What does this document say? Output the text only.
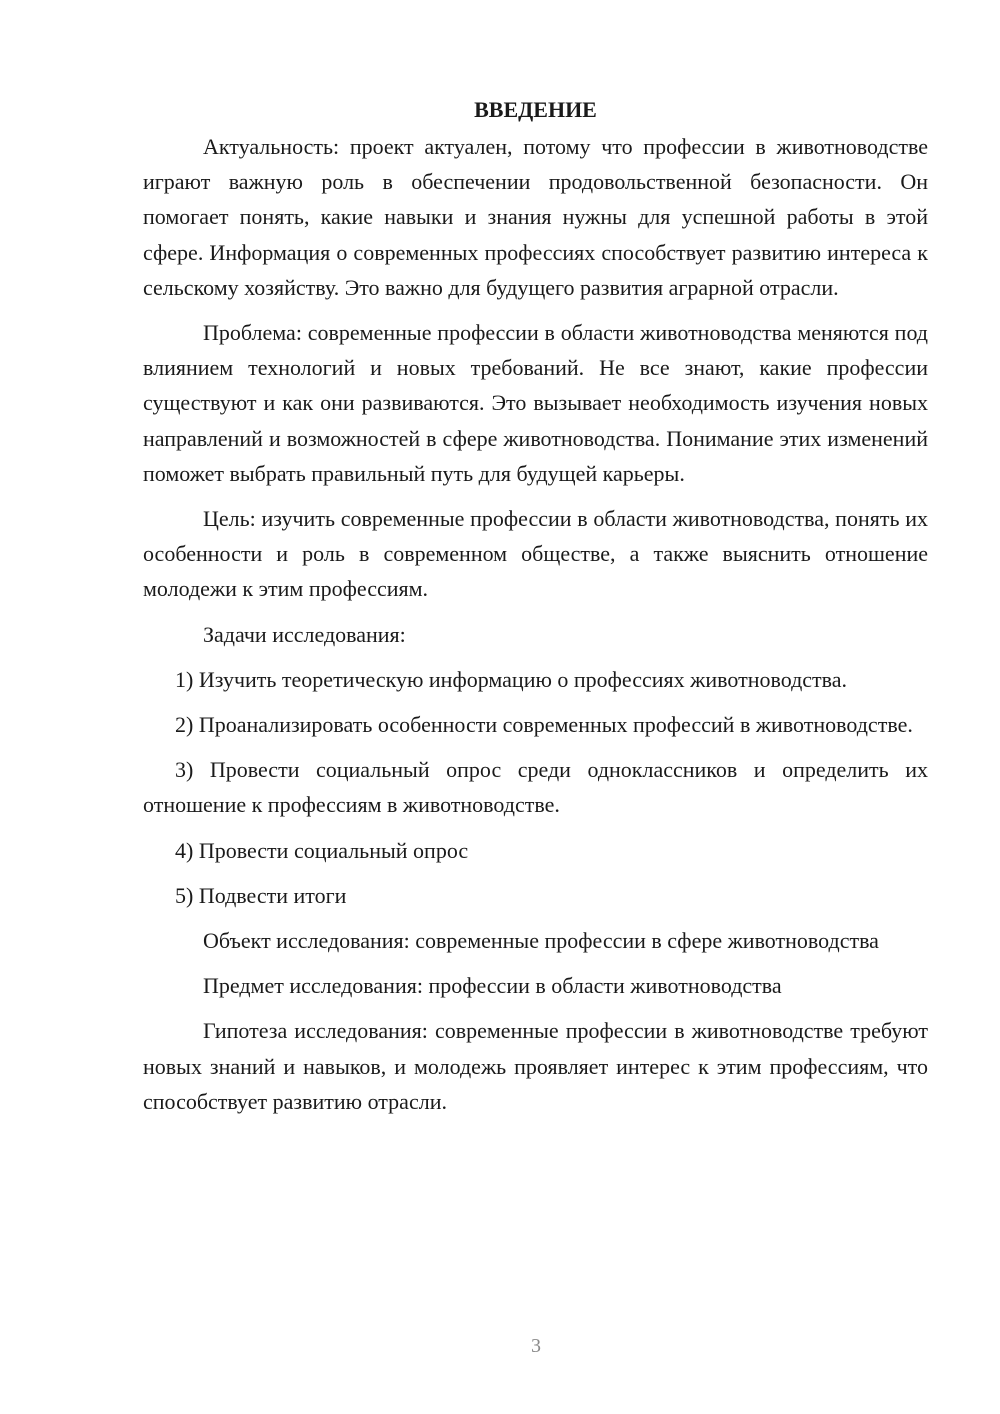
ВВЕДЕНИЕ

Актуальность: проект актуален, потому что профессии в животноводстве играют важную роль в обеспечении продовольственной безопасности. Он помогает понять, какие навыки и знания нужны для успешной работы в этой сфере. Информация о современных профессиях способствует развитию интереса к сельскому хозяйству. Это важно для будущего развития аграрной отрасли.

Проблема: современные профессии в области животноводства меняются под влиянием технологий и новых требований. Не все знают, какие профессии существуют и как они развиваются. Это вызывает необходимость изучения новых направлений и возможностей в сфере животноводства. Понимание этих изменений поможет выбрать правильный путь для будущей карьеры.

Цель: изучить современные профессии в области животноводства, понять их особенности и роль в современном обществе, а также выяснить отношение молодежи к этим профессиям.

Задачи исследования:

1) Изучить теоретическую информацию о профессиях животноводства.

2) Проанализировать особенности современных профессий в животноводстве.

3) Провести социальный опрос среди одноклассников и определить их отношение к профессиям в животноводстве.

4) Провести социальный опрос

5) Подвести итоги

Объект исследования: современные профессии в сфере животноводства

Предмет исследования: профессии в области животноводства

Гипотеза исследования: современные профессии в животноводстве требуют новых знаний и навыков, и молодежь проявляет интерес к этим профессиям, что способствует развитию отрасли.

3
